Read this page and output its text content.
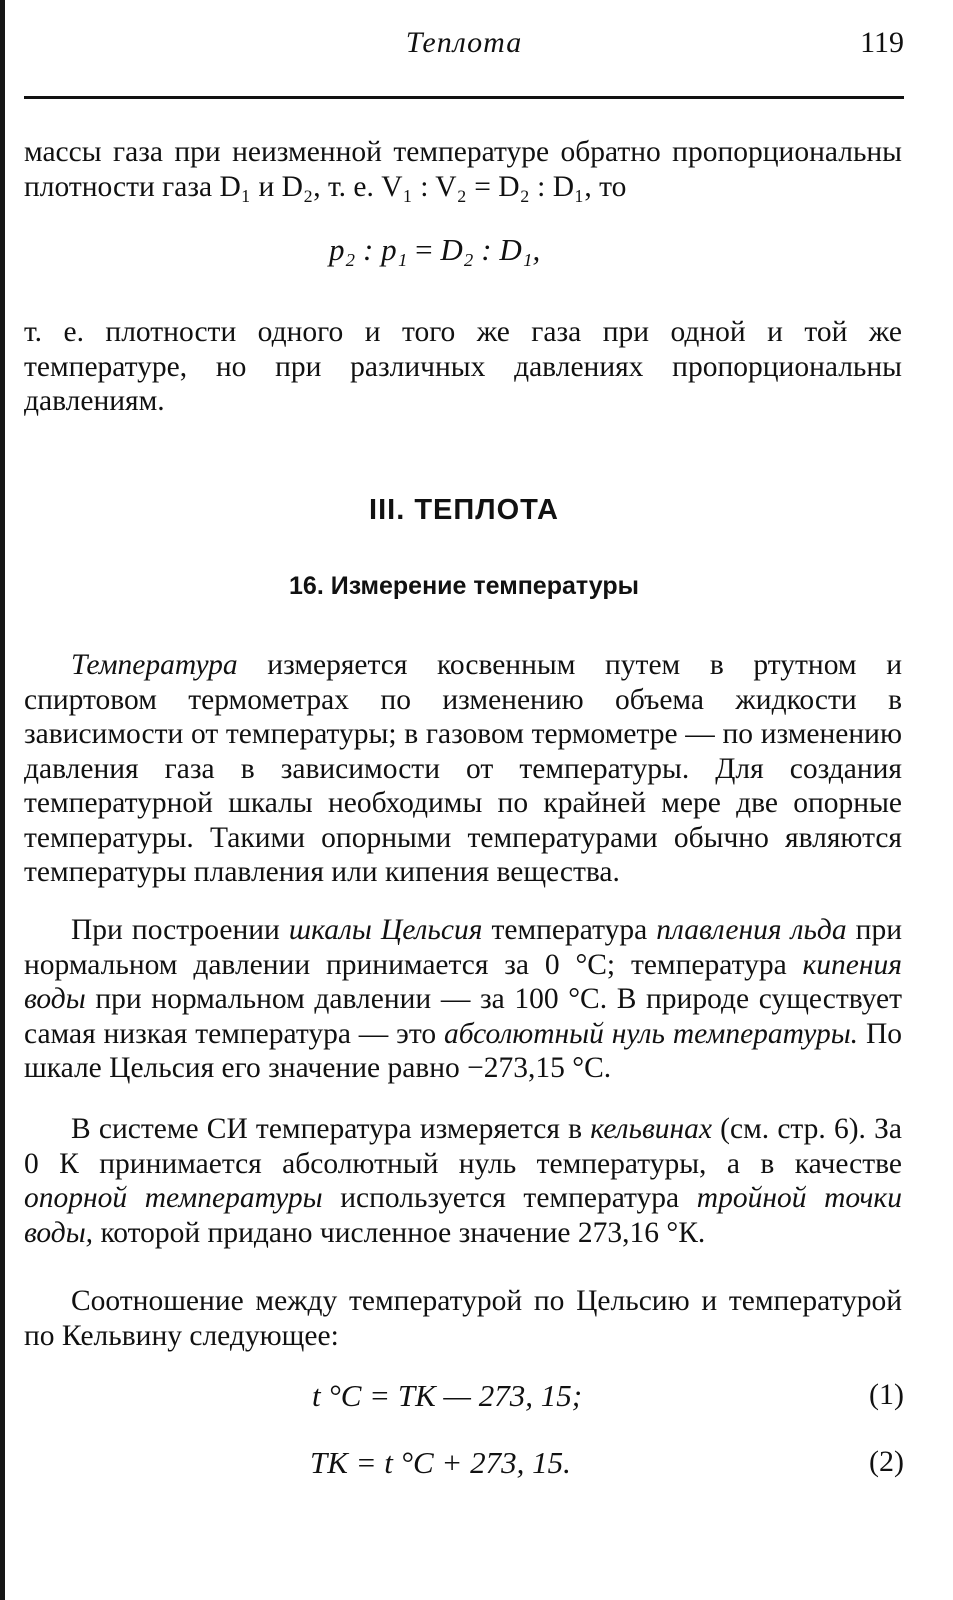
Теплота	119

массы газа при неизменной температуре обратно пропорциональны плотности газа D₁ и D₂, т. е. V₁ : V₂ = D₂ : D₁, то

p₂ : p₁ = D₂ : D₁,

т. е. плотности одного и того же газа при одной и той же температуре, но при различных давлениях пропорциональны давлениям.

III. ТЕПЛОТА
16. Измерение температуры

Температура измеряется косвенным путем в ртутном и спиртовом термометрах по изменению объема жидкости в зависимости от температуры; в газовом термометре — по изменению давления газа в зависимости от температуры. Для создания температурной шкалы необходимы по крайней мере две опорные температуры. Такими опорными температурами обычно являются температуры плавления или кипения вещества.

При построении шкалы Цельсия температура плавления льда при нормальном давлении принимается за 0 °С; температура кипения воды при нормальном давлении — за 100 °С. В природе существует самая низкая температура — это абсолютный нуль температуры. По шкале Цельсия его значение равно −273,15 °С.

В системе СИ температура измеряется в кельвинах (см. стр. 6). За 0 К принимается абсолютный нуль температуры, а в качестве опорной температуры используется температура тройной точки воды, которой придано численное значение 273,16 °К.

Соотношение между температурой по Цельсию и температурой по Кельвину следующее:

t °С = ТК — 273, 15;	(1)
ТК = t °С + 273, 15.	(2)
